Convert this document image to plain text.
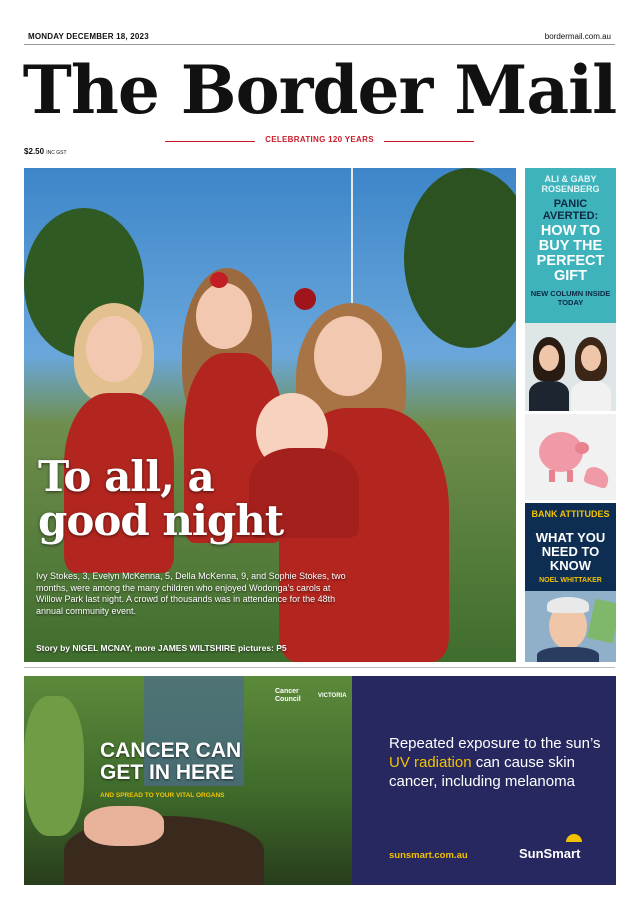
MONDAY DECEMBER 18, 2023	bordermail.com.au
The Border Mail
CELEBRATING 120 YEARS
$2.50 INC GST
To all, a
good night
Ivy Stokes, 3, Evelyn McKenna, 5, Della McKenna, 9, and Sophie Stokes, two months, were among the many children who enjoyed Wodonga’s carols at Willow Park last night. A crowd of thousands was in attendance for the 48th annual community event.
Story by NIGEL MCNAY, more JAMES WILTSHIRE pictures: P5
ALI & GABY ROSENBERG
PANIC AVERTED:
HOW TO BUY THE PERFECT GIFT
NEW COLUMN INSIDE TODAY
BANK ATTITUDES
WHAT YOU NEED TO KNOW
NOEL WHITTAKER
Cancer Council	VICTORIA
CANCER CAN GET IN HERE
AND SPREAD TO YOUR VITAL ORGANS
Repeated exposure to the sun’s UV radiation can cause skin cancer, including melanoma
sunsmart.com.au	SunSmart
